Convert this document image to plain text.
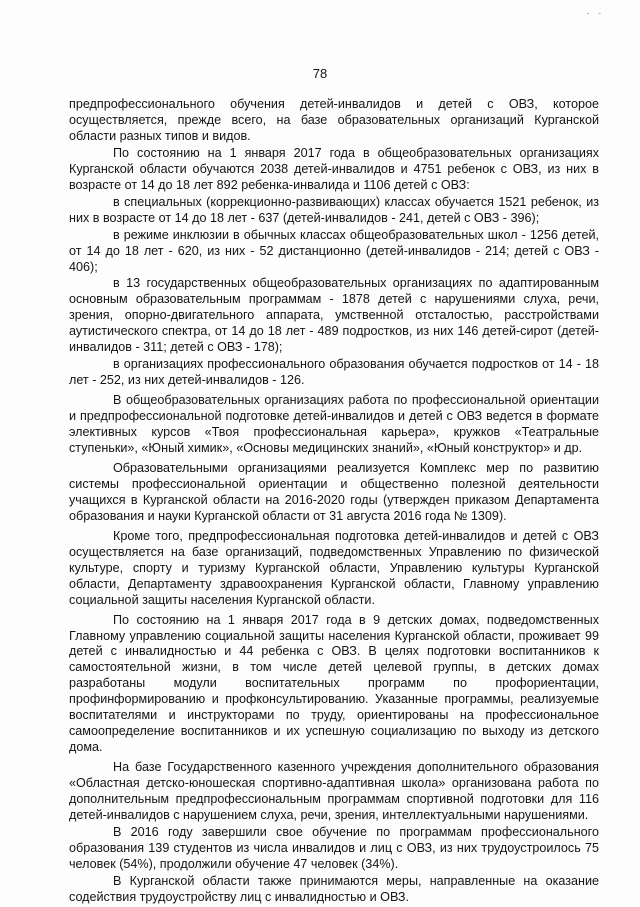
- -
78

предпрофессионального обучения детей-инвалидов и детей с ОВЗ, которое осуществляется, прежде всего, на базе образовательных организаций Курганской области разных типов и видов.

По состоянию на 1 января 2017 года в общеобразовательных организациях Курганской области обучаются 2038 детей-инвалидов и 4751 ребенок с ОВЗ, из них в возрасте от 14 до 18 лет 892 ребенка-инвалида и 1106 детей с ОВЗ:

в специальных (коррекционно-развивающих) классах обучается 1521 ребенок, из них в возрасте от 14 до 18 лет - 637 (детей-инвалидов - 241, детей с ОВЗ - 396);

в режиме инклюзии в обычных классах общеобразовательных школ - 1256 детей, от 14 до 18 лет - 620, из них - 52 дистанционно (детей-инвалидов - 214; детей с ОВЗ - 406);

в 13 государственных общеобразовательных организациях по адаптированным основным образовательным программам - 1878 детей с нарушениями слуха, речи, зрения, опорно-двигательного аппарата, умственной отсталостью, расстройствами аутистического спектра, от 14 до 18 лет - 489 подростков, из них 146 детей-сирот (детей-инвалидов - 311; детей с ОВЗ - 178);

в организациях профессионального образования обучается подростков от 14 - 18 лет - 252, из них детей-инвалидов - 126.

В общеобразовательных организациях работа по профессиональной ориентации и предпрофессиональной подготовке детей-инвалидов и детей с ОВЗ ведется в формате элективных курсов «Твоя профессиональная карьера», кружков «Театральные ступеньки», «Юный химик», «Основы медицинских знаний», «Юный конструктор» и др.

Образовательными организациями реализуется Комплекс мер по развитию системы профессиональной ориентации и общественно полезной деятельности учащихся в Курганской области на 2016-2020 годы (утвержден приказом Департамента образования и науки Курганской области от 31 августа 2016 года № 1309).

Кроме того, предпрофессиональная подготовка детей-инвалидов и детей с ОВЗ осуществляется на базе организаций, подведомственных Управлению по физической культуре, спорту и туризму Курганской области, Управлению культуры Курганской области, Департаменту здравоохранения Курганской области, Главному управлению социальной защиты населения Курганской области.

По состоянию на 1 января 2017 года в 9 детских домах, подведомственных Главному управлению социальной защиты населения Курганской области, проживает 99 детей с инвалидностью и 44 ребенка с ОВЗ. В целях подготовки воспитанников к самостоятельной жизни, в том числе детей целевой группы, в детских домах разработаны модули воспитательных программ по профориентации, профинформированию и профконсультированию. Указанные программы, реализуемые воспитателями и инструкторами по труду, ориентированы на профессиональное самоопределение воспитанников и их успешную социализацию по выходу из детского дома.

На базе Государственного казенного учреждения дополнительного образования «Областная детско-юношеская спортивно-адаптивная школа» организована работа по дополнительным предпрофессиональным программам спортивной подготовки для 116 детей-инвалидов с нарушением слуха, речи, зрения, интеллектуальными нарушениями.

В 2016 году завершили свое обучение по программам профессионального образования 139 студентов из числа инвалидов и лиц с ОВЗ, из них трудоустроилось 75 человек (54%), продолжили обучение 47 человек (34%).

В Курганской области также принимаются меры, направленные на оказание содействия трудоустройству лиц с инвалидностью и ОВЗ.
